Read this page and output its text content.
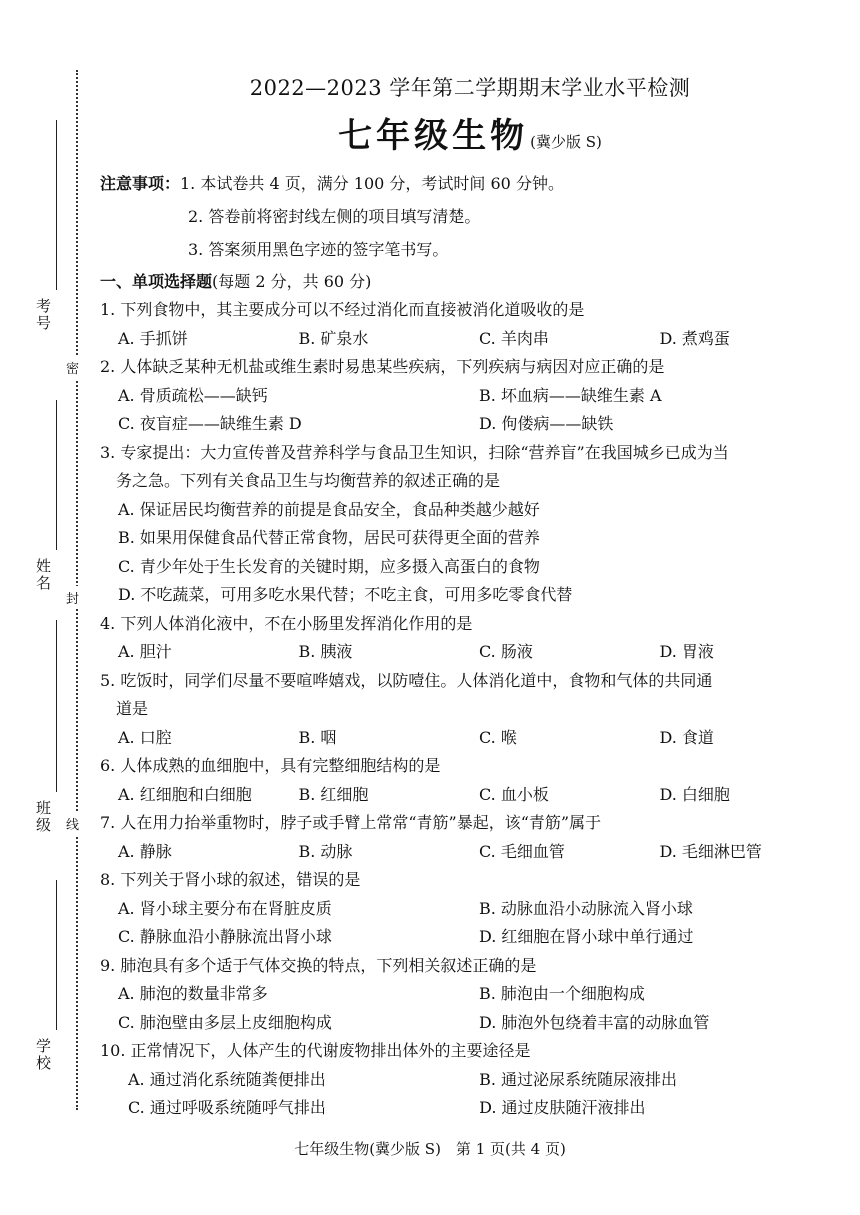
密
封
线
考号
姓名
班级
学校
2022—2023 学年第二学期期末学业水平检测
七年级生物 (冀少版 S)
注意事项： 1. 本试卷共 4 页，满分 100 分，考试时间 60 分钟。
2. 答卷前将密封线左侧的项目填写清楚。
3. 答案须用黑色字迹的签字笔书写。
一、单项选择题(每题 2 分，共 60 分)
1. 下列食物中，其主要成分可以不经过消化而直接被消化道吸收的是
A. 手抓饼	B. 矿泉水	C. 羊肉串	D. 煮鸡蛋
2. 人体缺乏某种无机盐或维生素时易患某些疾病，下列疾病与病因对应正确的是
A. 骨质疏松——缺钙	B. 坏血病——缺维生素 A
C. 夜盲症——缺维生素 D	D. 佝偻病——缺铁
3. 专家提出：大力宣传普及营养科学与食品卫生知识，扫除“营养盲”在我国城乡已成为当
务之急。下列有关食品卫生与均衡营养的叙述正确的是
A. 保证居民均衡营养的前提是食品安全，食品种类越少越好
B. 如果用保健食品代替正常食物，居民可获得更全面的营养
C. 青少年处于生长发育的关键时期，应多摄入高蛋白的食物
D. 不吃蔬菜，可用多吃水果代替；不吃主食，可用多吃零食代替
4. 下列人体消化液中，不在小肠里发挥消化作用的是
A. 胆汁	B. 胰液	C. 肠液	D. 胃液
5. 吃饭时，同学们尽量不要喧哗嬉戏，以防噎住。人体消化道中，食物和气体的共同通
道是
A. 口腔	B. 咽	C. 喉	D. 食道
6. 人体成熟的血细胞中，具有完整细胞结构的是
A. 红细胞和白细胞	B. 红细胞	C. 血小板	D. 白细胞
7. 人在用力抬举重物时，脖子或手臂上常常“青筋”暴起，该“青筋”属于
A. 静脉	B. 动脉	C. 毛细血管	D. 毛细淋巴管
8. 下列关于肾小球的叙述，错误的是
A. 肾小球主要分布在肾脏皮质	B. 动脉血沿小动脉流入肾小球
C. 静脉血沿小静脉流出肾小球	D. 红细胞在肾小球中单行通过
9. 肺泡具有多个适于气体交换的特点，下列相关叙述正确的是
A. 肺泡的数量非常多	B. 肺泡由一个细胞构成
C. 肺泡壁由多层上皮细胞构成	D. 肺泡外包绕着丰富的动脉血管
10. 正常情况下，人体产生的代谢废物排出体外的主要途径是
A. 通过消化系统随粪便排出	B. 通过泌尿系统随尿液排出
C. 通过呼吸系统随呼气排出	D. 通过皮肤随汗液排出
七年级生物(冀少版 S)　第 1 页(共 4 页)
